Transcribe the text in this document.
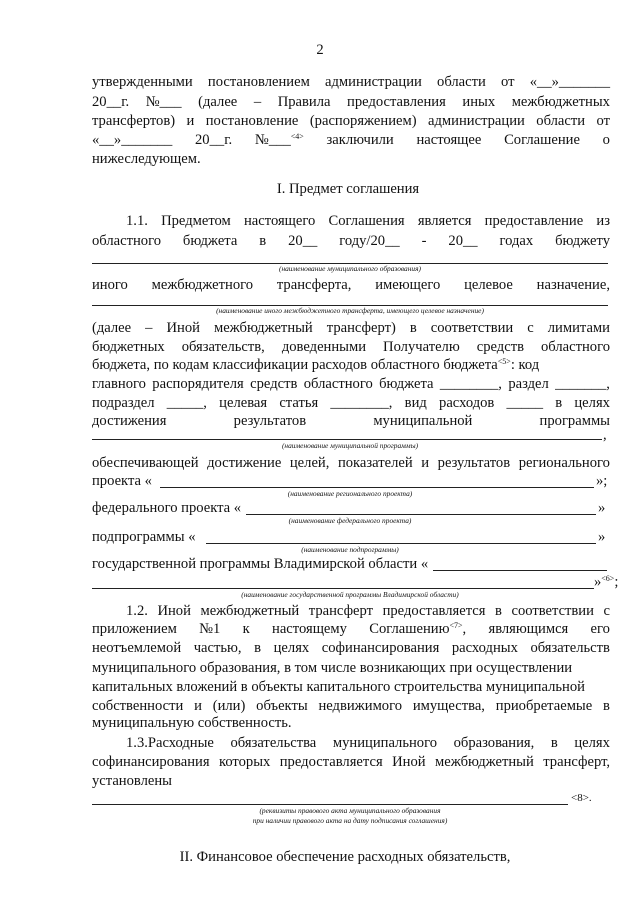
2
утвержденными постановлением администрации области от «__»_______
20__г. №___ (далее – Правила предоставления иных межбюджетных
трансфертов) и постановление (распоряжением) администрации области от
«__»_______ 20__г. №___$^{<4>}$ заключили настоящее Соглашение о
нижеследующем.
I. Предмет соглашения
1.1. Предметом настоящего Соглашения является предоставление из
областного бюджета в 20__ году/20__ - 20__ годах бюджету
(наименование муниципального образования)
иного межбюджетного трансферта, имеющего целевое назначение,
(наименование иного межбюджетного трансферта, имеющего целевое назначение)
(далее – Иной межбюджетный трансферт) в соответствии с лимитами
бюджетных обязательств, доведенными Получателю средств областного
бюджета, по кодам классификации расходов областного бюджета$^{<5>}$: код
главного распорядителя средств областного бюджета ________, раздел _______,
подраздел _____, целевая статья ________, вид расходов _____ в целях
достижения	результатов	муниципальной	программы
,
(наименование муниципальной программы)
обеспечивающей достижение целей, показателей и результатов регионального
проекта «	»;
(наименование регионального проекта)
федерального проекта «	»
(наименование федерального проекта)
подпрограммы «	»
(наименование подпрограммы)
государственной программы Владимирской области «
»$^{<6>}$;
(наименование государственной программы Владимирской области)
1.2. Иной межбюджетный трансферт предоставляется в соответствии с
приложением №1 к настоящему Соглашению$^{<7>}$, являющимся его
неотъемлемой частью, в целях софинансирования расходных обязательств
муниципального образования, в том числе возникающих при осуществлении
капитальных вложений в объекты капитального строительства муниципальной
собственности и (или) объекты недвижимого имущества, приобретаемые в
муниципальную собственность.
1.3.Расходные обязательства муниципального образования, в целях
софинансирования которых предоставляется Иной межбюджетный трансферт,
установлены
<8>.
(реквизиты правового акта муниципального образования
при наличии правового акта на дату подписания соглашения)
II. Финансовое обеспечение расходных обязательств,
